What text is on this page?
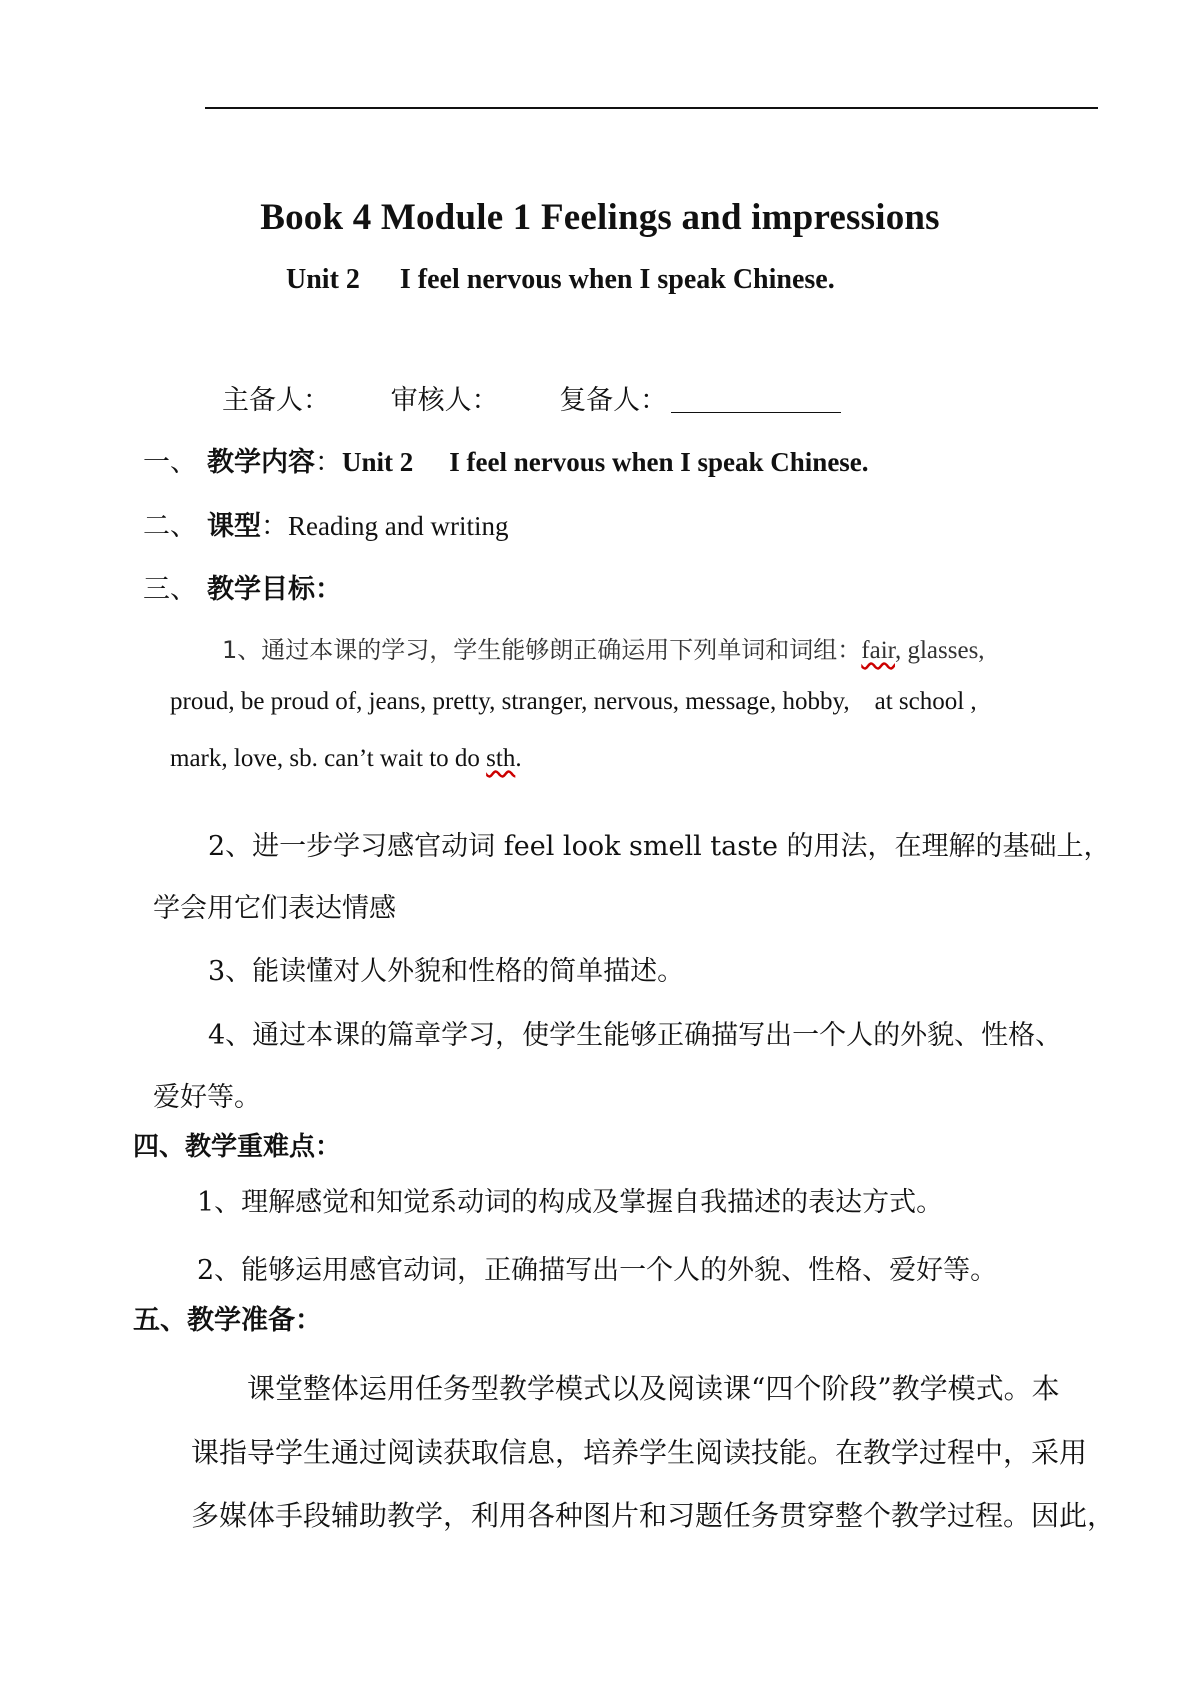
Book 4 Module 1 Feelings and impressions
Unit 2 I feel nervous when I speak Chinese.
主备人： 审核人： 复备人：
一、 教学内容：Unit 2 I feel nervous when I speak Chinese.
二、 课型：Reading and writing
三、 教学目标：
1、通过本课的学习，学生能够朗正确运用下列单词和词组：fair, glasses,
proud, be proud of, jeans, pretty, stranger, nervous, message, hobby,    at school ,
mark, love, sb. can’t wait to do sth.
2、进一步学习感官动词 feel look smell taste 的用法，在理解的基础上，
学会用它们表达情感
3、能读懂对人外貌和性格的简单描述。
4、通过本课的篇章学习，使学生能够正确描写出一个人的外貌、性格、
爱好等。
四、教学重难点：
1、理解感觉和知觉系动词的构成及掌握自我描述的表达方式。
2、能够运用感官动词，正确描写出一个人的外貌、性格、爱好等。
五、教学准备：
课堂整体运用任务型教学模式以及阅读课“四个阶段”教学模式。本
课指导学生通过阅读获取信息，培养学生阅读技能。在教学过程中，采用
多媒体手段辅助教学，利用各种图片和习题任务贯穿整个教学过程。因此，
